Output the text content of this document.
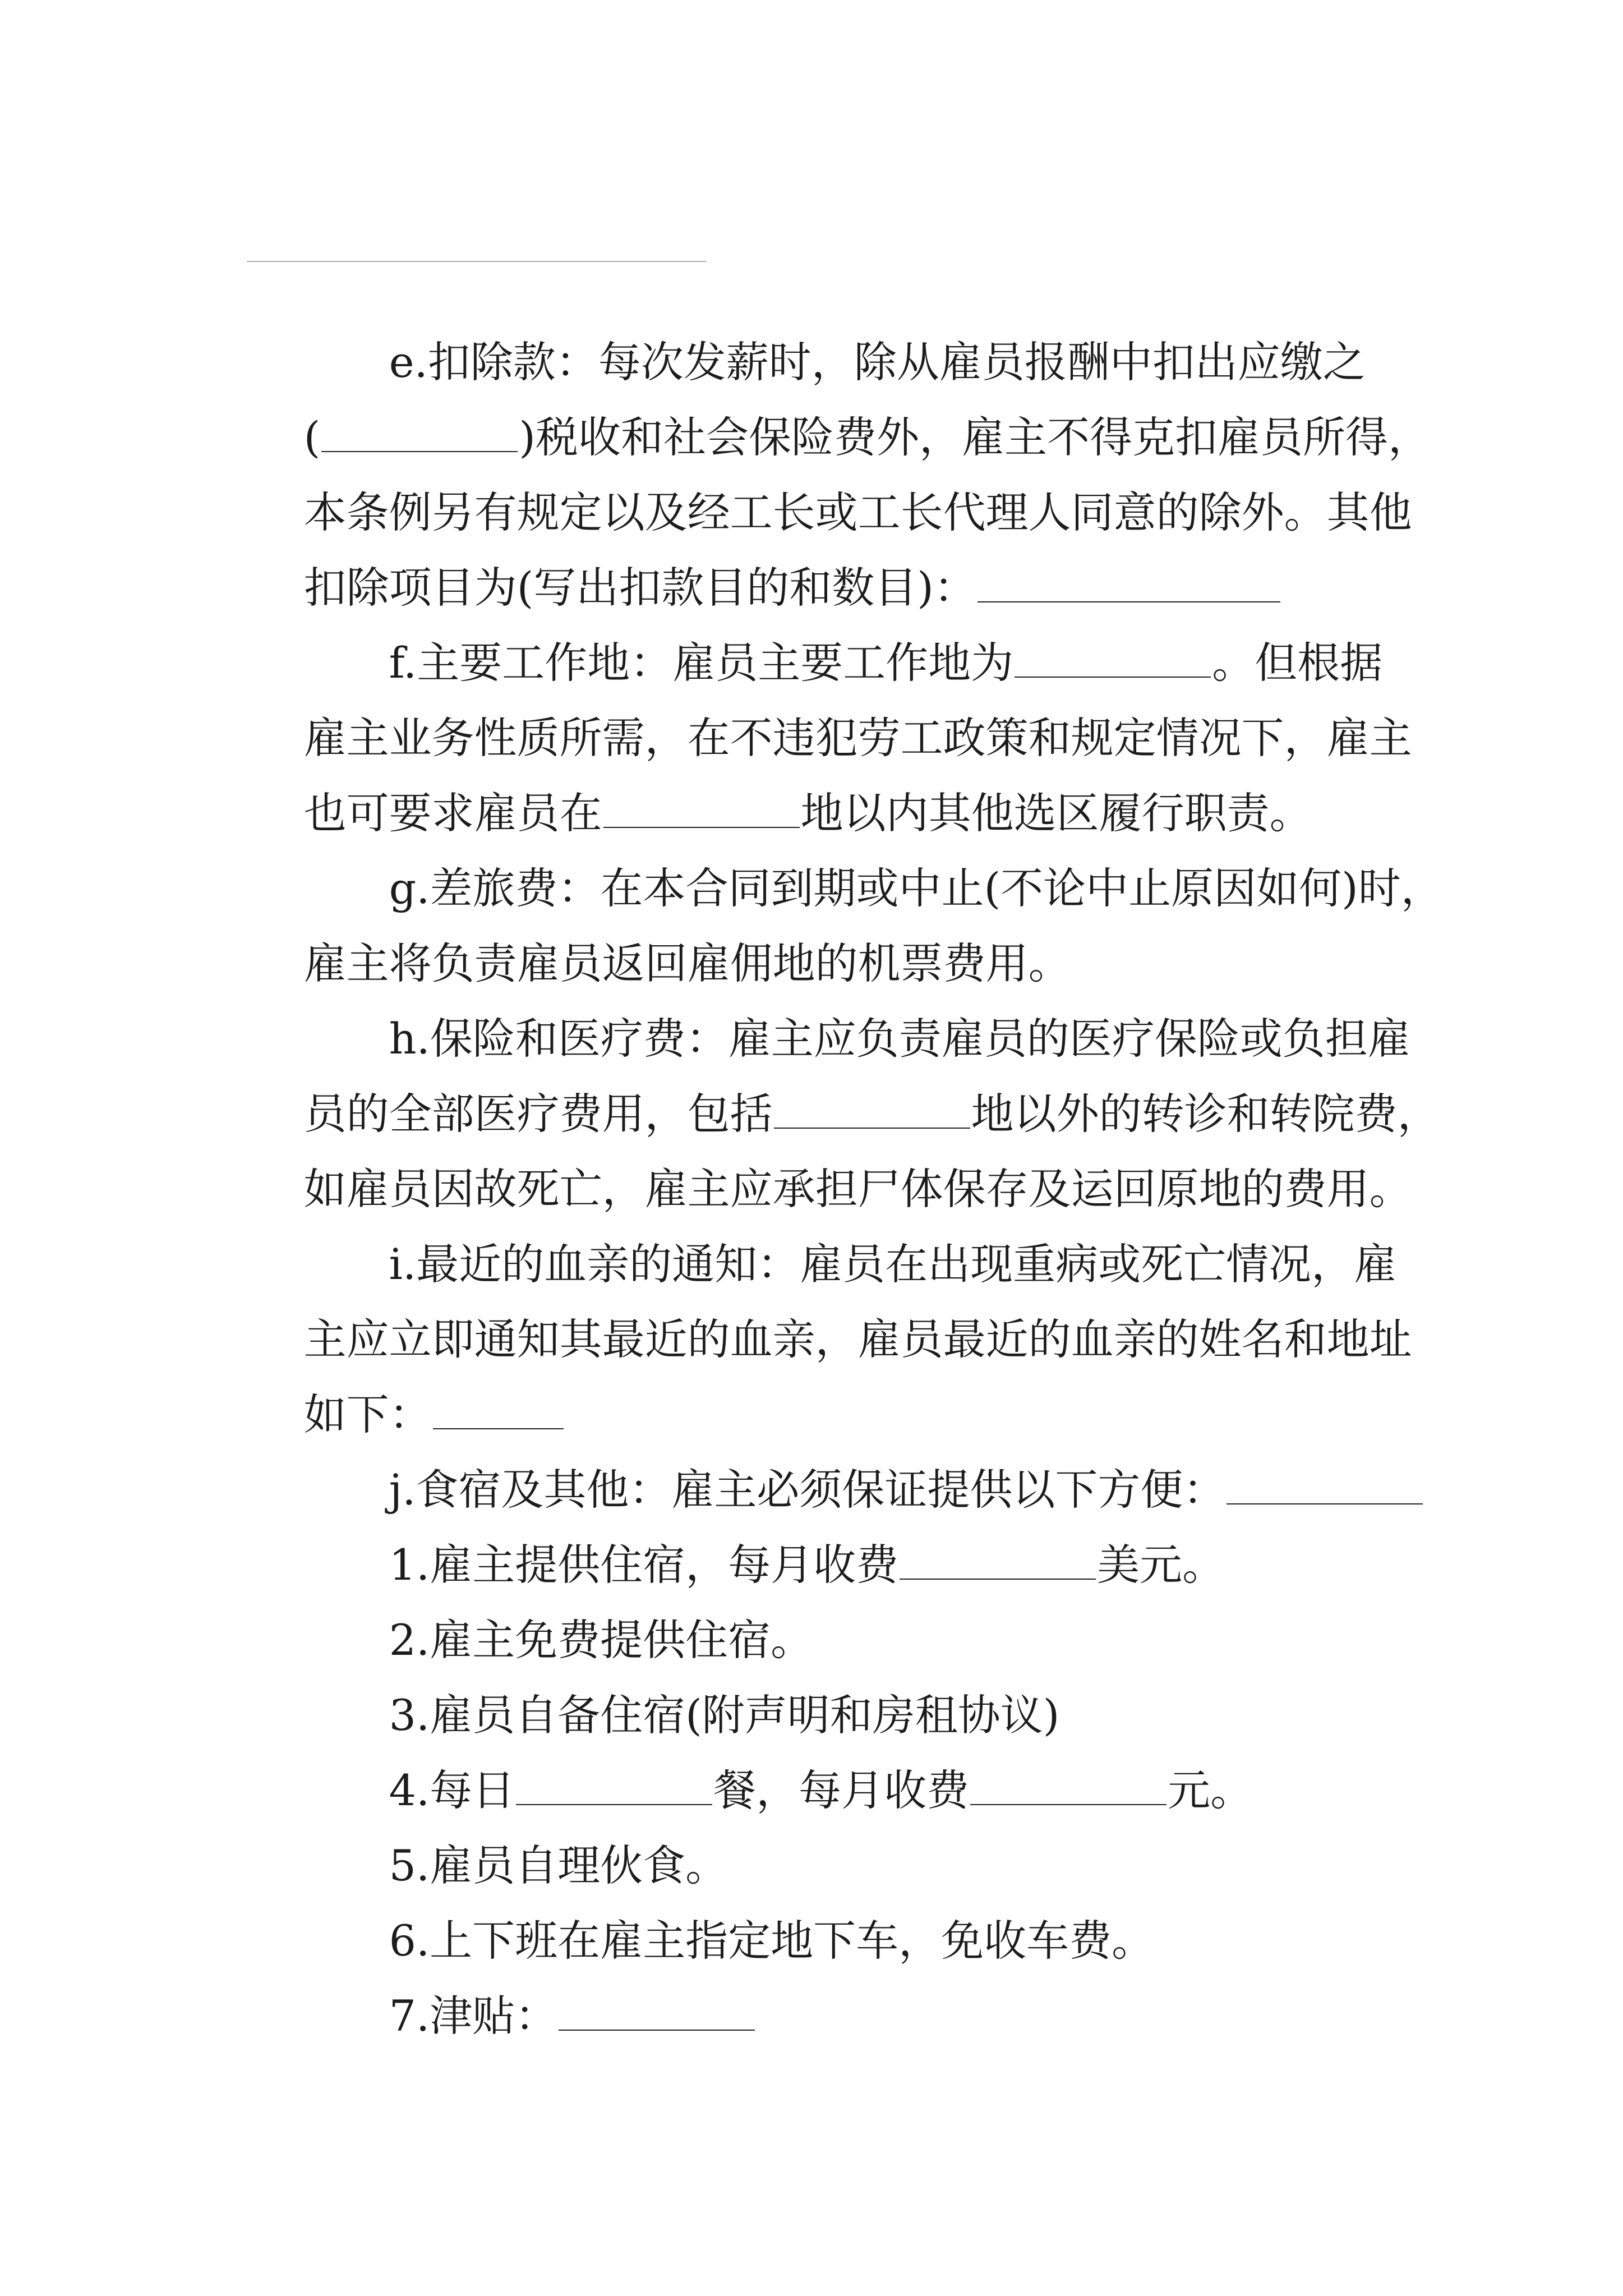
e.扣除款：每次发薪时，除从雇员报酬中扣出应缴之

(	)税收和社会保险费外，雇主不得克扣雇员所得，

本条例另有规定以及经工长或工长代理人同意的除外。其他

扣除项目为(写出扣款目的和数目)：

f.主要工作地：雇员主要工作地为	。但根据

雇主业务性质所需，在不违犯劳工政策和规定情况下，雇主

也可要求雇员在	地以内其他选区履行职责。

g.差旅费：在本合同到期或中止(不论中止原因如何)时，

雇主将负责雇员返回雇佣地的机票费用。

h.保险和医疗费：雇主应负责雇员的医疗保险或负担雇

员的全部医疗费用，包括	地以外的转诊和转院费，

如雇员因故死亡，雇主应承担尸体保存及运回原地的费用。

i.最近的血亲的通知：雇员在出现重病或死亡情况，雇

主应立即通知其最近的血亲，雇员最近的血亲的姓名和地址

如下：

j.食宿及其他：雇主必须保证提供以下方便：

1.雇主提供住宿，每月收费	美元。

2.雇主免费提供住宿。

3.雇员自备住宿(附声明和房租协议)

4.每日	餐，每月收费	元。

5.雇员自理伙食。

6.上下班在雇主指定地下车，免收车费。

7.津贴：
